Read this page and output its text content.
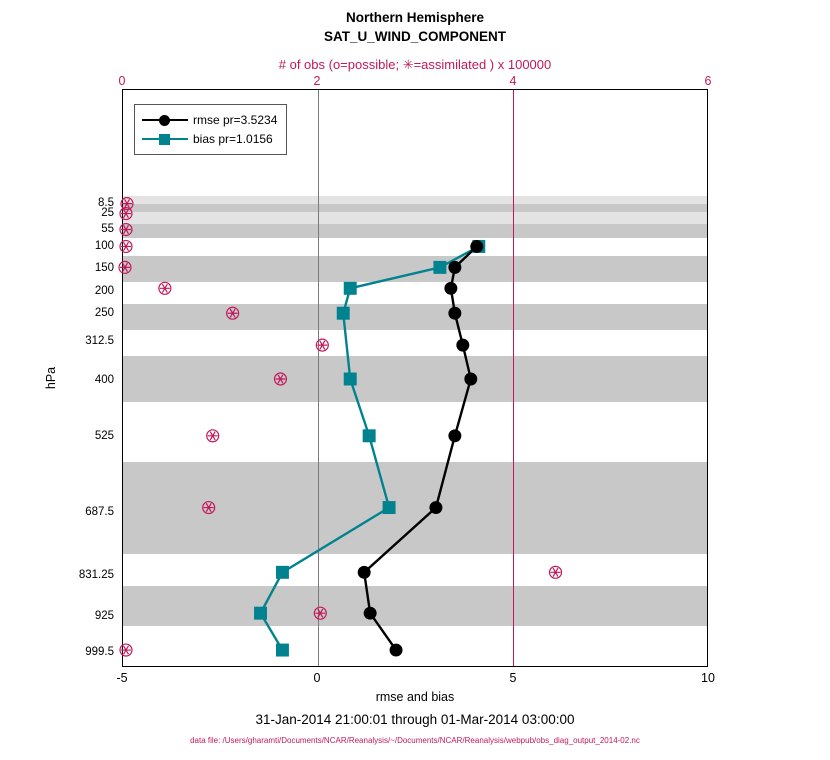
Northern Hemisphere
SAT_U_WIND_COMPONENT
# of obs (o=possible; ✳=assimilated ) x 100000
0	2	4	6
-5	0	5	10
8.5
25
55
100
150
200
250
312.5
400
525
687.5
831.25
925
999.5
hPa
rmse and bias
31-Jan-2014 21:00:01 through 01-Mar-2014 03:00:00
data file: /Users/gharamti/Documents/NCAR/Reanalysis/~/Documents/NCAR/Reanalysis/webpub/obs_diag_output_2014-02.nc
rmse pr=3.5234
bias pr=1.0156
